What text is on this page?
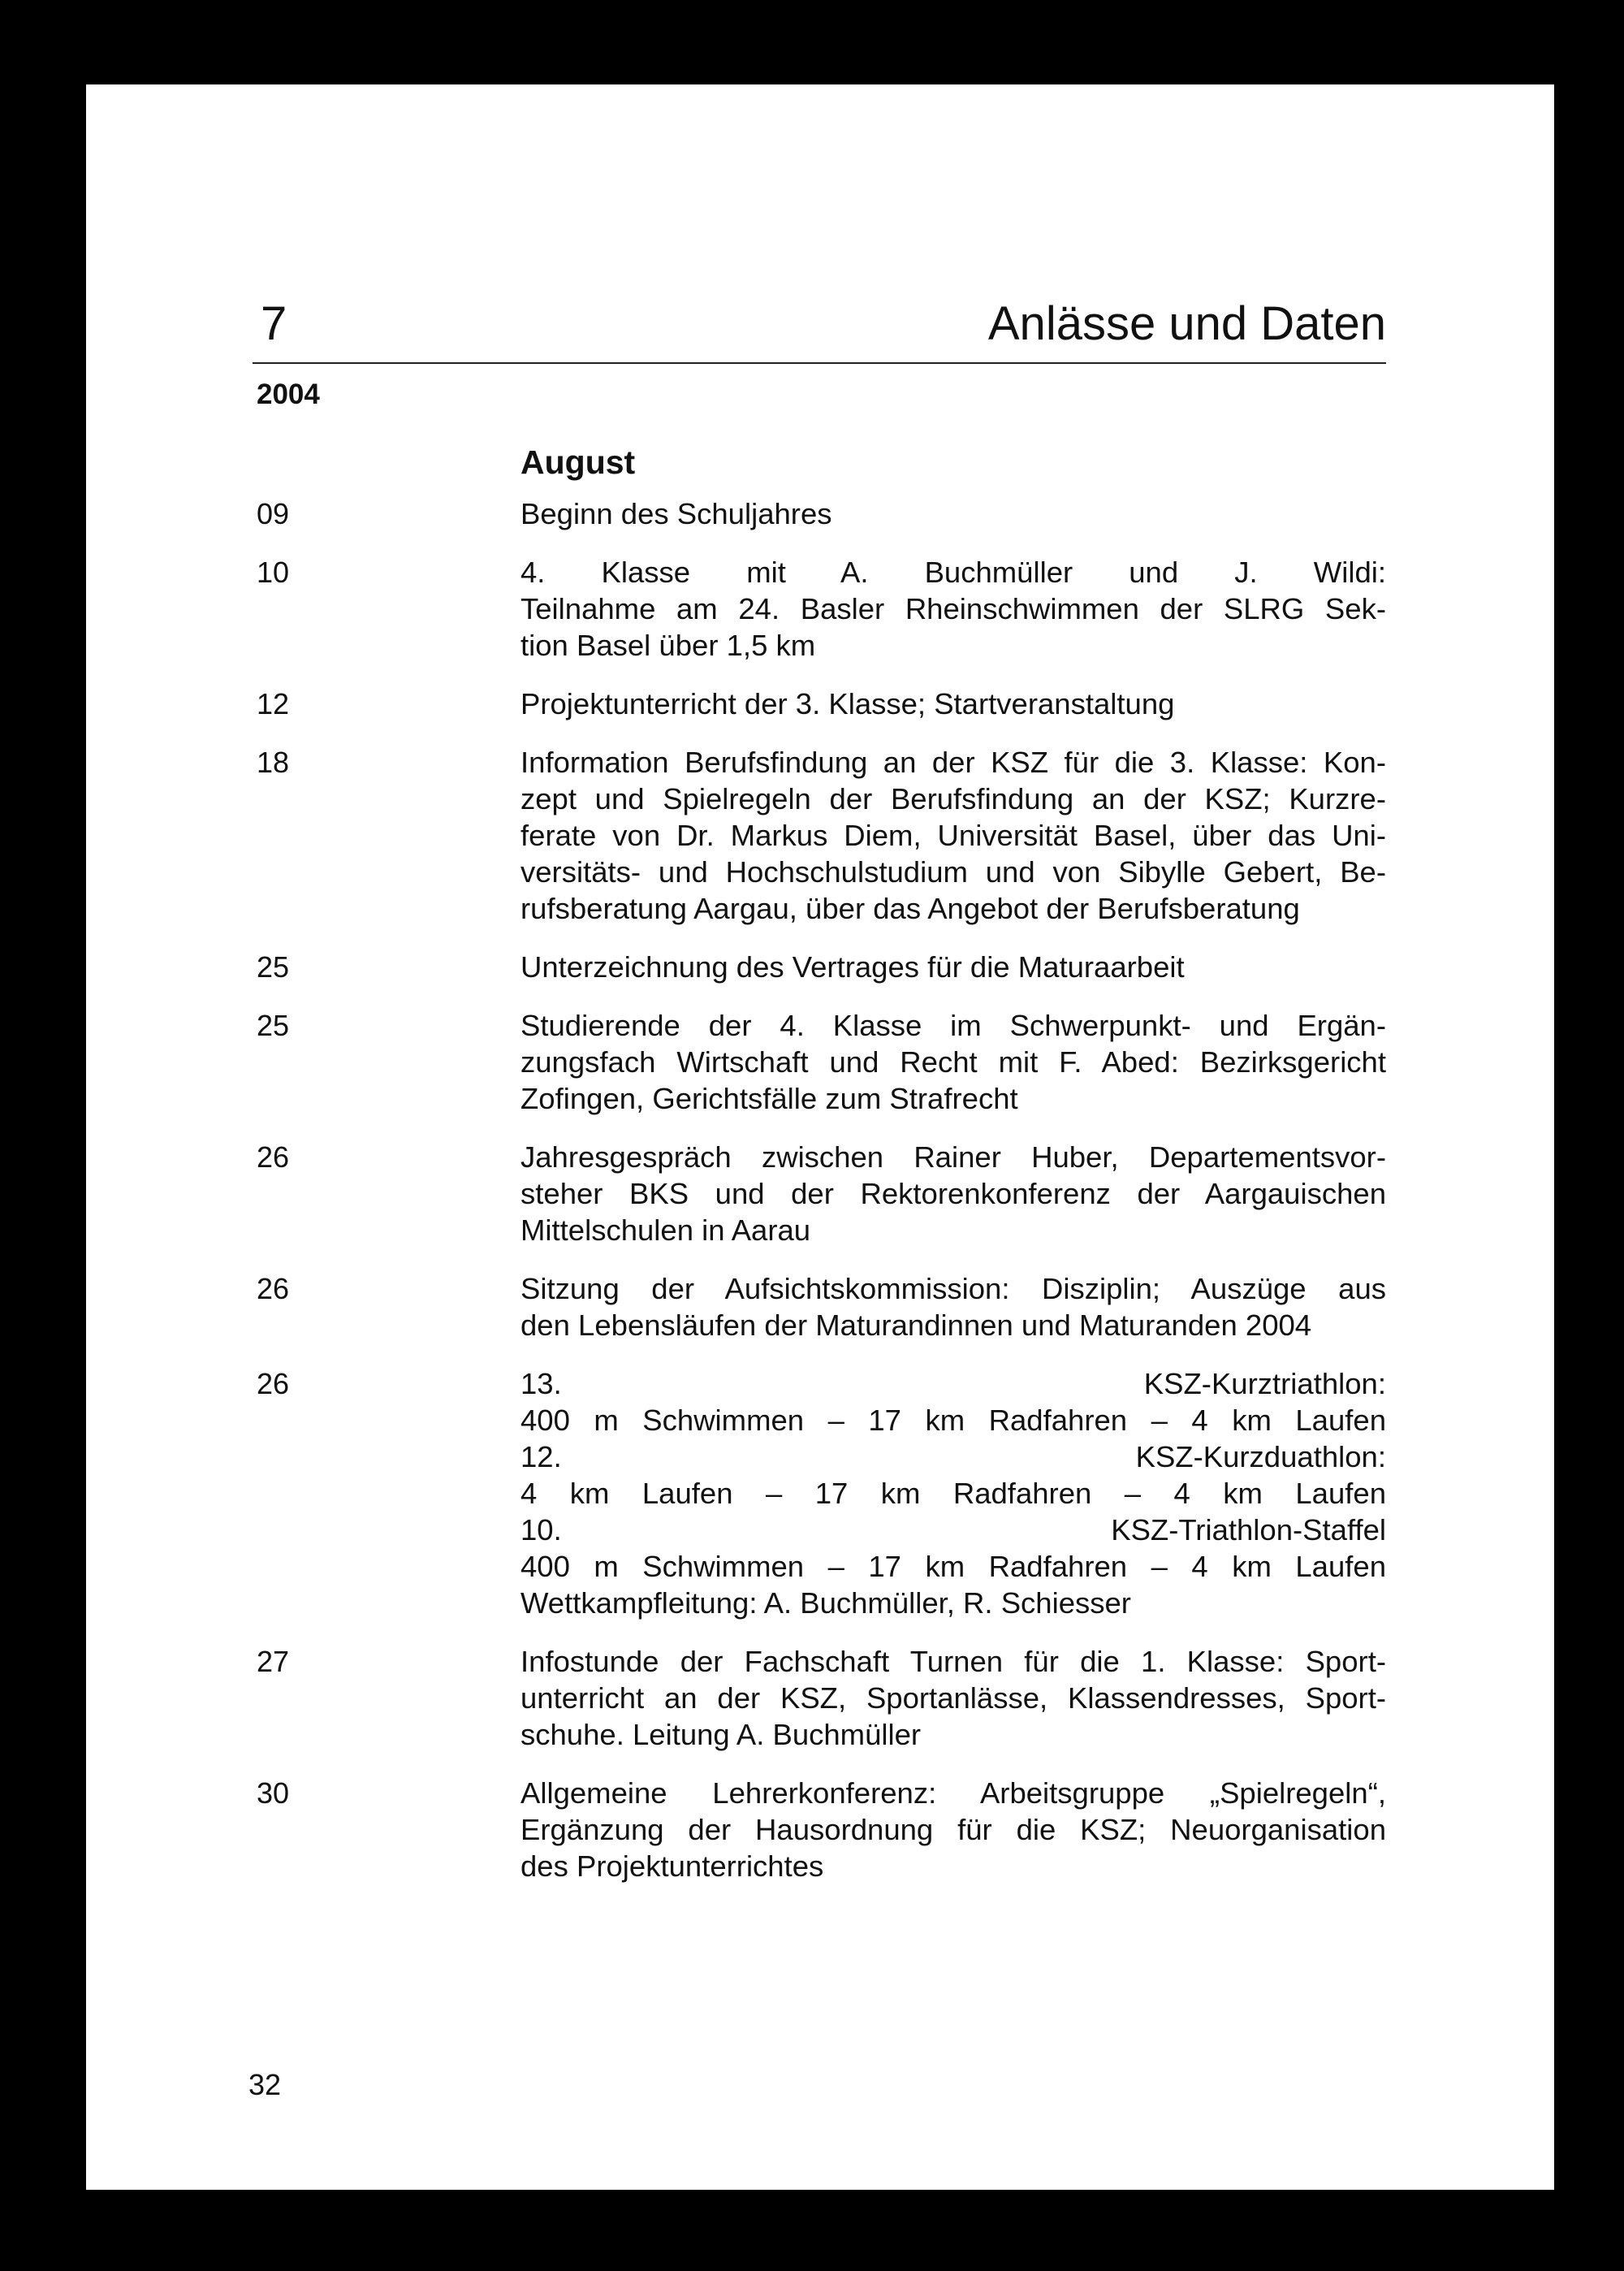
7	Anlässe und Daten
2004
August
09	Beginn des Schuljahres
10	4. Klasse mit A. Buchmüller und J. Wildi:
Teilnahme am 24. Basler Rheinschwimmen der SLRG Sek-
tion Basel über 1,5 km
12	Projektunterricht der 3. Klasse; Startveranstaltung
18	Information Berufsfindung an der KSZ für die 3. Klasse: Kon-
zept und Spielregeln der Berufsfindung an der KSZ; Kurzre-
ferate von Dr. Markus Diem, Universität Basel, über das Uni-
versitäts- und Hochschulstudium und von Sibylle Gebert, Be-
rufsberatung Aargau, über das Angebot der Berufsberatung
25	Unterzeichnung des Vertrages für die Maturaarbeit
25	Studierende der 4. Klasse im Schwerpunkt- und Ergän-
zungsfach Wirtschaft und Recht mit F. Abed: Bezirksgericht
Zofingen, Gerichtsfälle zum Strafrecht
26	Jahresgespräch zwischen Rainer Huber, Departementsvor-
steher BKS und der Rektorenkonferenz der Aargauischen
Mittelschulen in Aarau
26	Sitzung der Aufsichtskommission: Disziplin; Auszüge aus
den Lebensläufen der Maturandinnen und Maturanden 2004
26	13. KSZ-Kurztriathlon:
400 m Schwimmen – 17 km Radfahren – 4 km Laufen
12. KSZ-Kurzduathlon:
4 km Laufen – 17 km Radfahren – 4 km Laufen
10. KSZ-Triathlon-Staffel
400 m Schwimmen – 17 km Radfahren – 4 km Laufen
Wettkampfleitung: A. Buchmüller, R. Schiesser
27	Infostunde der Fachschaft Turnen für die 1. Klasse: Sport-
unterricht an der KSZ, Sportanlässe, Klassendresses, Sport-
schuhe. Leitung A. Buchmüller
30	Allgemeine Lehrerkonferenz: Arbeitsgruppe „Spielregeln“,
Ergänzung der Hausordnung für die KSZ; Neuorganisation
des Projektunterrichtes
32
